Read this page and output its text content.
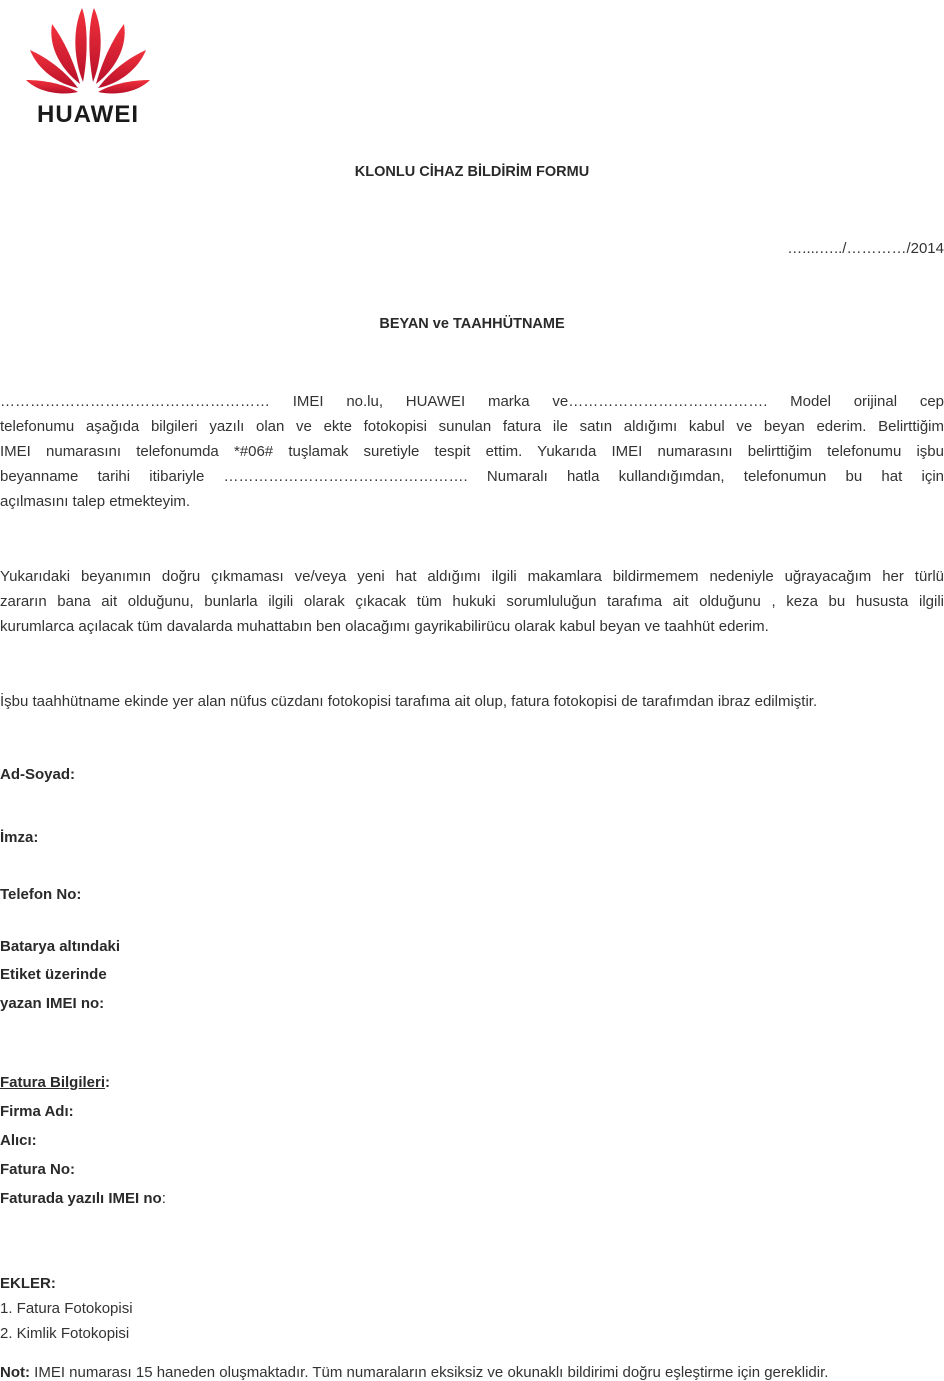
HUAWEI
KLONLU CİHAZ BİLDİRİM FORMU
…....…../…………/2014
BEYAN ve TAAHHÜTNAME
……………………………………………… IMEI no.lu, HUAWEI marka ve…………………………………. Model orijinal cep
telefonumu aşağıda bilgileri yazılı olan ve ekte fotokopisi sunulan fatura ile satın aldığımı kabul ve beyan ederim. Belirttiğim
IMEI numarasını telefonumda *#06# tuşlamak suretiyle tespit ettim. Yukarıda IMEI numarasını belirttiğim telefonumu işbu
beyanname tarihi itibariyle …………………………………………. Numaralı hatla kullandığımdan, telefonumun bu hat için
açılmasını talep etmekteyim.
Yukarıdaki beyanımın doğru çıkmaması ve/veya yeni hat aldığımı ilgili makamlara bildirmemem nedeniyle uğrayacağım her türlü
zararın bana ait olduğunu, bunlarla ilgili olarak çıkacak tüm hukuki sorumluluğun tarafıma ait olduğunu , keza bu hususta ilgili
kurumlarca açılacak tüm davalarda muhattabın ben olacağımı gayrikabilirücu olarak kabul beyan ve taahhüt ederim.
İşbu taahhütname ekinde yer alan nüfus cüzdanı fotokopisi tarafıma ait olup, fatura fotokopisi de tarafımdan ibraz edilmiştir.
Ad-Soyad:
İmza:
Telefon No:
Batarya altındaki
Etiket üzerinde
yazan IMEI no:
Fatura Bilgileri:
Firma Adı:
Alıcı:
Fatura No:
Faturada yazılı IMEI no:
EKLER:
1. Fatura Fotokopisi
2. Kimlik Fotokopisi
Not: IMEI numarası 15 haneden oluşmaktadır. Tüm numaraların eksiksiz ve okunaklı bildirimi doğru eşleştirme için gereklidir.
